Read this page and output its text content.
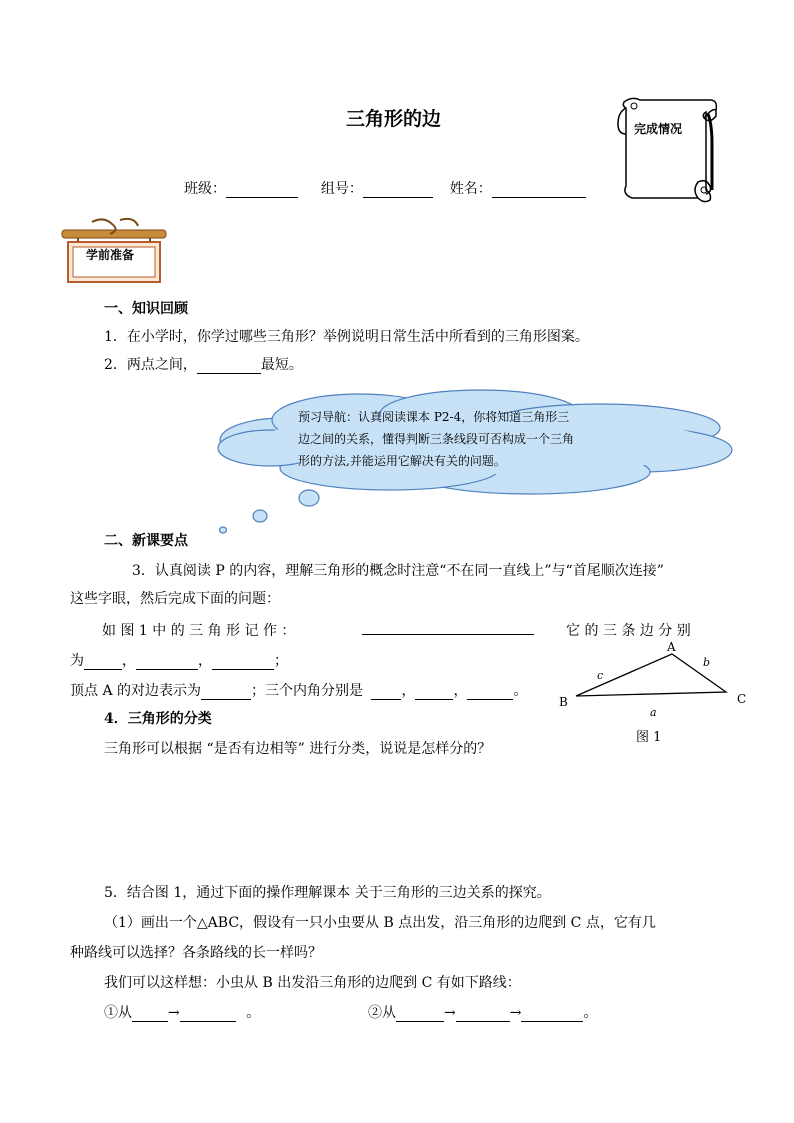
三角形的边	完成情况
班级：	组号：	姓名：
学前准备
一、知识回顾
1．在小学时，你学过哪些三角形？举例说明日常生活中所看到的三角形图案。
2．两点之间，	最短。
预习导航：认真阅读课本 P2-4，你将知道三角形三
边之间的关系，懂得判断三条线段可否构成一个三角
形的方法,并能运用它解决有关的问题。
二、新课要点
3．认真阅读 P 的内容，理解三角形的概念时注意“不在同一直线上”与“首尾顺次连接”
这些字眼，然后完成下面的问题：
如 图 1 中 的 三 角 形 记 作 ：	它 的 三 条 边 分 别
为	，	，	；
顶点 A 的对边表示为	；三个内角分别是	，	，	。
A
B	C
a
b
c
图 1
4．三角形的分类
三角形可以根据 “是否有边相等” 进行分类，说说是怎样分的？
5．结合图 1，通过下面的操作理解课本 关于三角形的三边关系的探究。
（1）画出一个△ABC，假设有一只小虫要从 B 点出发，沿三角形的边爬到 C 点，它有几
种路线可以选择？各条路线的长一样吗？
我们可以这样想：小虫从 B 出发沿三角形的边爬到 C 有如下路线：
①从	→	。	②从	→	→	。
